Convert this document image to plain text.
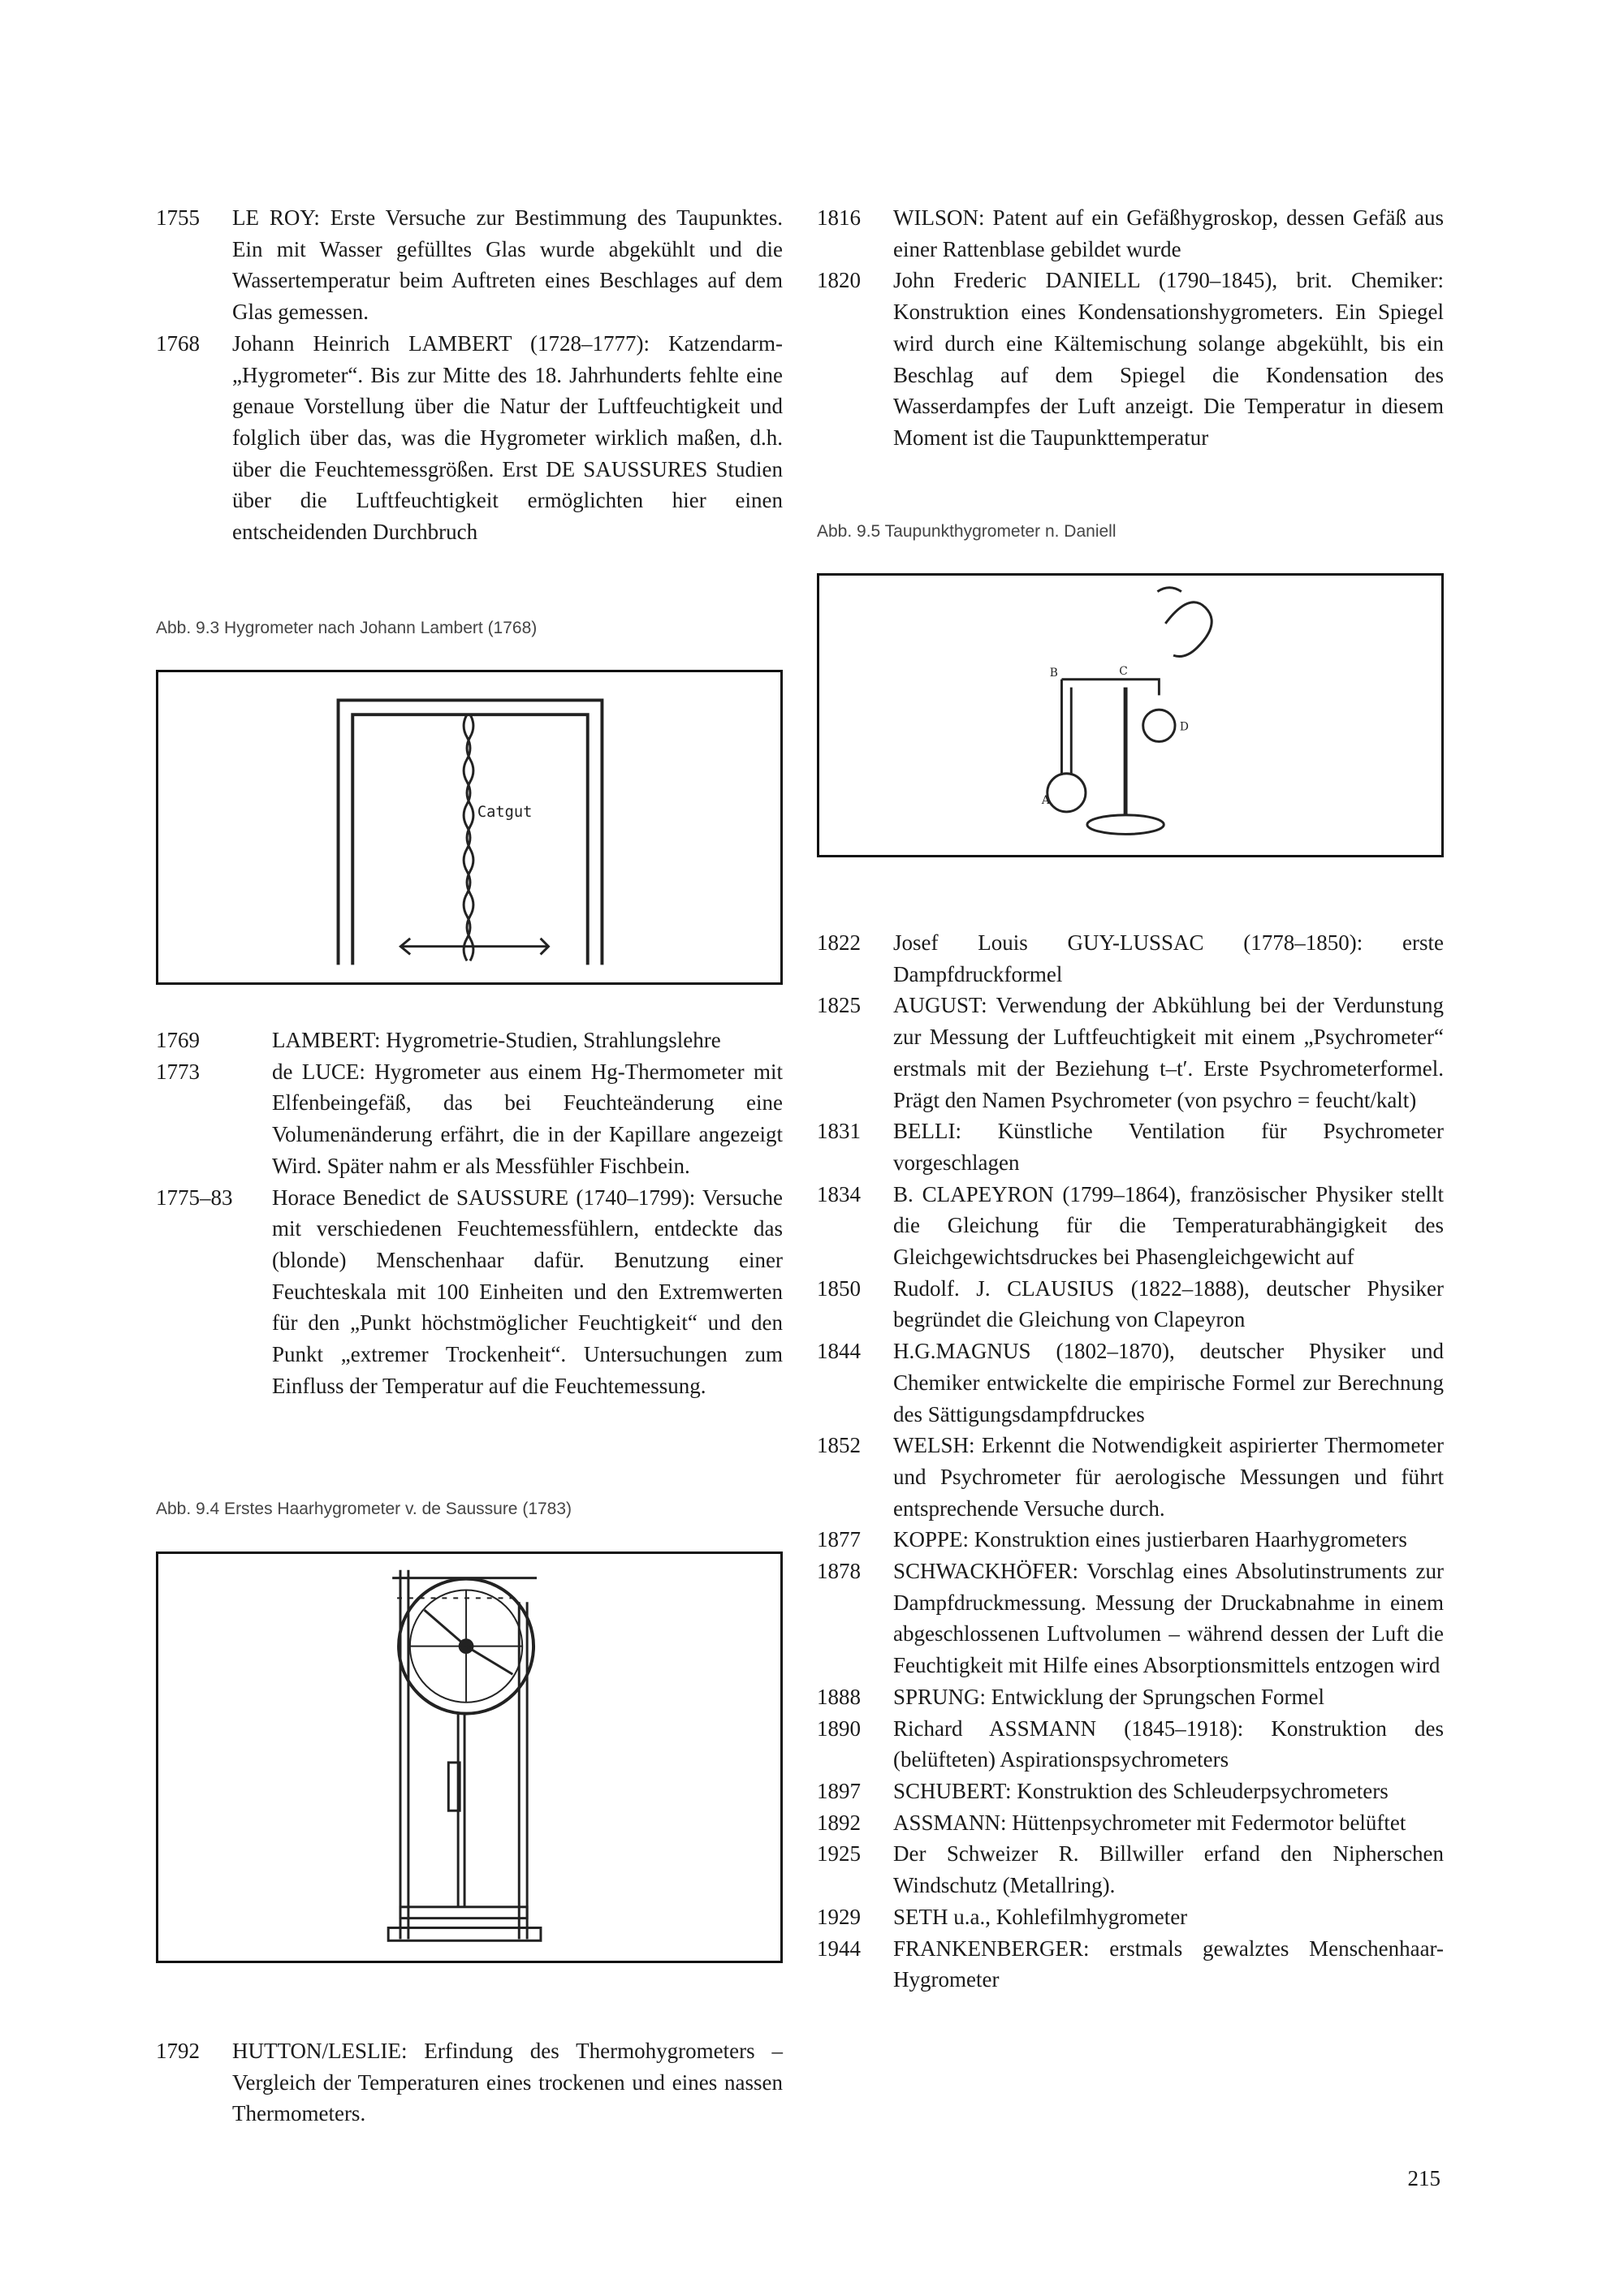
1755	LE ROY: Erste Versuche zur Bestimmung des Taupunktes. Ein mit Wasser gefülltes Glas wurde abgekühlt und die Wassertemperatur beim Auftreten eines Beschlages auf dem Glas gemessen.
1768	Johann Heinrich LAMBERT (1728–1777): Katzendarm-„Hygrometer“. Bis zur Mitte des 18. Jahrhunderts fehlte eine genaue Vorstellung über die Natur der Luftfeuchtigkeit und folglich über das, was die Hygrometer wirklich maßen, d.h. über die Feuchtemessgrößen. Erst DE SAUSSURES Studien über die Luftfeuchtigkeit ermöglichten hier einen entscheidenden Durchbruch
Abb. 9.3 Hygrometer nach Johann Lambert (1768)
Catgut
1769	LAMBERT: Hygrometrie-Studien, Strahlungslehre
1773	de LUCE: Hygrometer aus einem Hg-Thermometer mit Elfenbeingefäß, das bei Feuchteänderung eine Volumenänderung erfährt, die in der Kapillare angezeigt Wird. Später nahm er als Messfühler Fischbein.
1775–83	Horace Benedict de SAUSSURE (1740–1799): Versuche mit verschiedenen Feuchtemessfühlern, entdeckte das (blonde) Menschenhaar dafür. Benutzung einer Feuchteskala mit 100 Einheiten und den Extremwerten für den „Punkt höchstmöglicher Feuchtigkeit“ und den Punkt „extremer Trockenheit“. Untersuchungen zum Einfluss der Temperatur auf die Feuchtemessung.
Abb. 9.4 Erstes Haarhygrometer v. de Saussure (1783)
1792	HUTTON/LESLIE: Erfindung des Thermohygrometers – Vergleich der Temperaturen eines trockenen und eines nassen Thermometers.
1816	WILSON: Patent auf ein Gefäßhygroskop, dessen Gefäß aus einer Rattenblase gebildet wurde
1820	John Frederic DANIELL (1790–1845), brit. Chemiker: Konstruktion eines Kondensationshygrometers. Ein Spiegel wird durch eine Kältemischung solange abgekühlt, bis ein Beschlag auf dem Spiegel die Kondensation des Wasserdampfes der Luft anzeigt. Die Temperatur in diesem Moment ist die Taupunkttemperatur
Abb. 9.5 Taupunkthygrometer n. Daniell
A
B	C
D
1822	Josef Louis GUY-LUSSAC (1778–1850): erste Dampfdruckformel
1825	AUGUST: Verwendung der Abkühlung bei der Verdunstung zur Messung der Luftfeuchtigkeit mit einem „Psychrometer“ erstmals mit der Beziehung t–t′. Erste Psychrometerformel. Prägt den Namen Psychrometer (von psychro = feucht/kalt)
1831	BELLI: Künstliche Ventilation für Psychrometer vorgeschlagen
1834	B. CLAPEYRON (1799–1864), französischer Physiker stellt die Gleichung für die Temperaturabhängigkeit des Gleichgewichtsdruckes bei Phasengleichgewicht auf
1850	Rudolf. J. CLAUSIUS (1822–1888), deutscher Physiker begründet die Gleichung von Clapeyron
1844	H.G.MAGNUS (1802–1870), deutscher Physiker und Chemiker entwickelte die empirische Formel zur Berechnung des Sättigungsdampfdruckes
1852	WELSH: Erkennt die Notwendigkeit aspirierter Thermometer und Psychrometer für aerologische Messungen und führt entsprechende Versuche durch.
1877	KOPPE: Konstruktion eines justierbaren Haarhygrometers
1878	SCHWACKHÖFER: Vorschlag eines Absolutinstruments zur Dampfdruckmessung. Messung der Druckabnahme in einem abgeschlossenen Luftvolumen – während dessen der Luft die Feuchtigkeit mit Hilfe eines Absorptionsmittels entzogen wird
1888	SPRUNG: Entwicklung der Sprungschen Formel
1890	Richard ASSMANN (1845–1918): Konstruktion des (belüfteten) Aspirationspsychrometers
1897	SCHUBERT: Konstruktion des Schleuderpsychrometers
1892	ASSMANN: Hüttenpsychrometer mit Federmotor belüftet
1925	Der Schweizer R. Billwiller erfand den Nipherschen Windschutz (Metallring).
1929	SETH u.a., Kohlefilmhygrometer
1944	FRANKENBERGER: erstmals gewalztes Menschenhaar-Hygrometer
215
